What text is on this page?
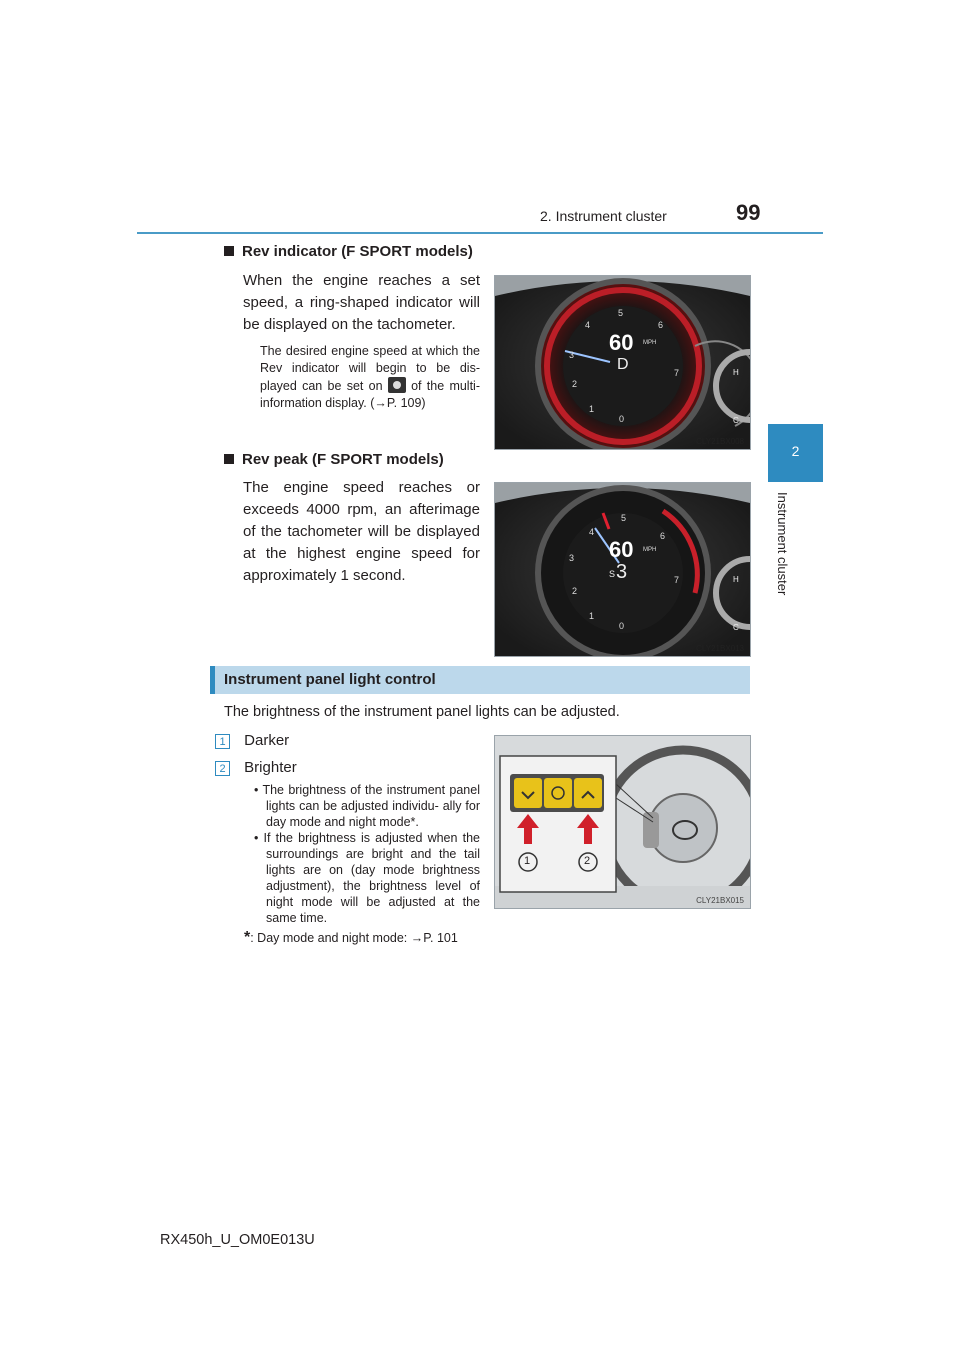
2. Instrument cluster	99
2
Instrument cluster
Rev indicator (F SPORT models)
When the engine reaches a set speed, a ring-shaped indicator will be displayed on the tachometer.
The desired engine speed at which the Rev indicator will begin to be dis- played can be set on of the multi- information display. (→P. 109)
60 MPH
D
0
1
2
3
4
5
6
7	H
C
CLY21BX008
Rev peak (F SPORT models)
The engine speed reaches or exceeds 4000 rpm, an afterimage of the tachometer will be displayed at the highest engine speed for approximately 1 second.
60 MPH
S 3
0
1
2
3
4
5
6
7	H
C
CLY21BX013
Instrument panel light control
The brightness of the instrument panel lights can be adjusted.
1 Darker
2 Brighter
• The brightness of the instrument panel lights can be adjusted individu- ally for day mode and night mode*.
• If the brightness is adjusted when the surroundings are bright and the tail lights are on (day mode brightness adjustment), the brightness level of night mode will be adjusted at the same time.
*: Day mode and night mode: →P. 101
1	2
CLY21BX015
RX450h_U_OM0E013U
